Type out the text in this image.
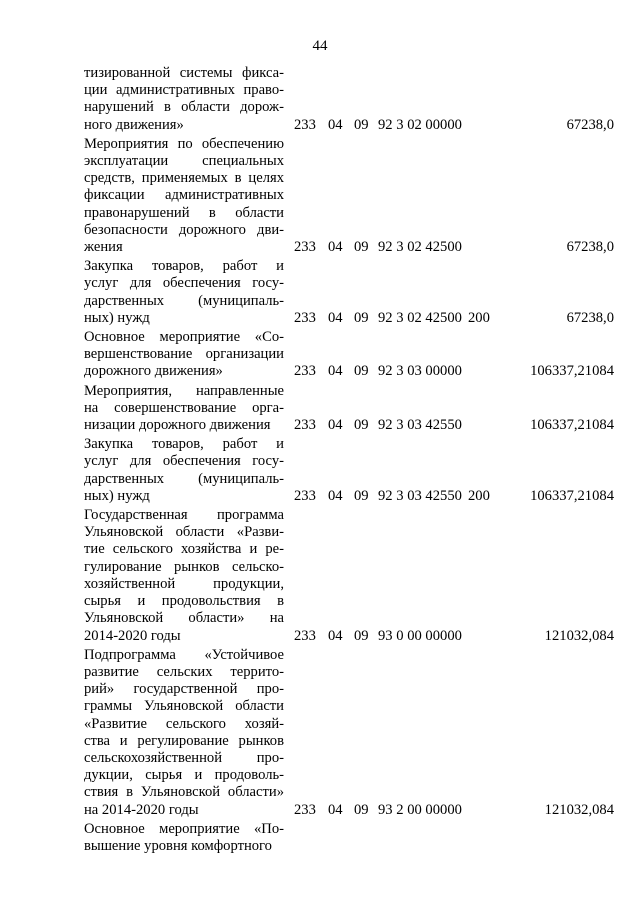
44
тизированной системы фикса-
ции административных право-
нарушений в области дорож-
ного движения»	233 04 09 92 3 02 00000	67238,0
Мероприятия по обеспечению
эксплуатации специальных
средств, применяемых в целях
фиксации административных
правонарушений в области
безопасности дорожного дви-
жения	233 04 09 92 3 02 42500	67238,0
Закупка товаров, работ и
услуг для обеспечения госу-
дарственных (муниципаль-
ных) нужд	233 04 09 92 3 02 42500 200	67238,0
Основное мероприятие «Со-
вершенствование организации
дорожного движения»	233 04 09 92 3 03 00000	106337,21084
Мероприятия, направленные
на совершенствование орга-
низации дорожного движения	233 04 09 92 3 03 42550	106337,21084
Закупка товаров, работ и
услуг для обеспечения госу-
дарственных (муниципаль-
ных) нужд	233 04 09 92 3 03 42550 200	106337,21084
Государственная программа
Ульяновской области «Разви-
тие сельского хозяйства и ре-
гулирование рынков сельско-
хозяйственной продукции,
сырья и продовольствия в
Ульяновской области» на
2014-2020 годы	233 04 09 93 0 00 00000	121032,084
Подпрограмма «Устойчивое
развитие сельских террито-
рий» государственной про-
граммы Ульяновской области
«Развитие сельского хозяй-
ства и регулирование рынков
сельскохозяйственной про-
дукции, сырья и продоволь-
ствия в Ульяновской области»
на 2014-2020 годы	233 04 09 93 2 00 00000	121032,084
Основное мероприятие «По-
вышение уровня комфортного
